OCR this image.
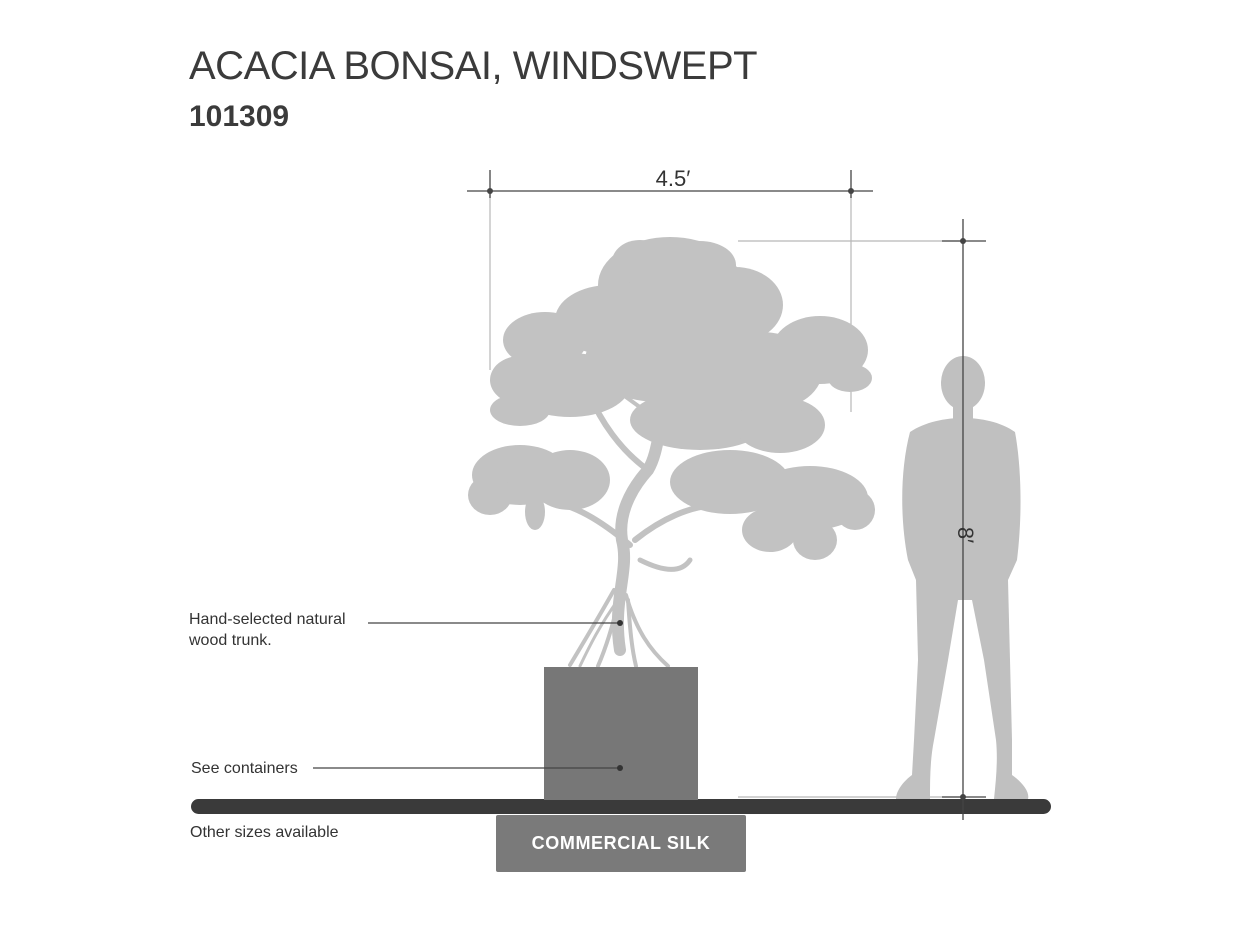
ACACIA BONSAI, WINDSWEPT
101309
4.5′
8′
Hand-selected natural wood trunk.
See containers
Other sizes available
COMMERCIAL SILK
